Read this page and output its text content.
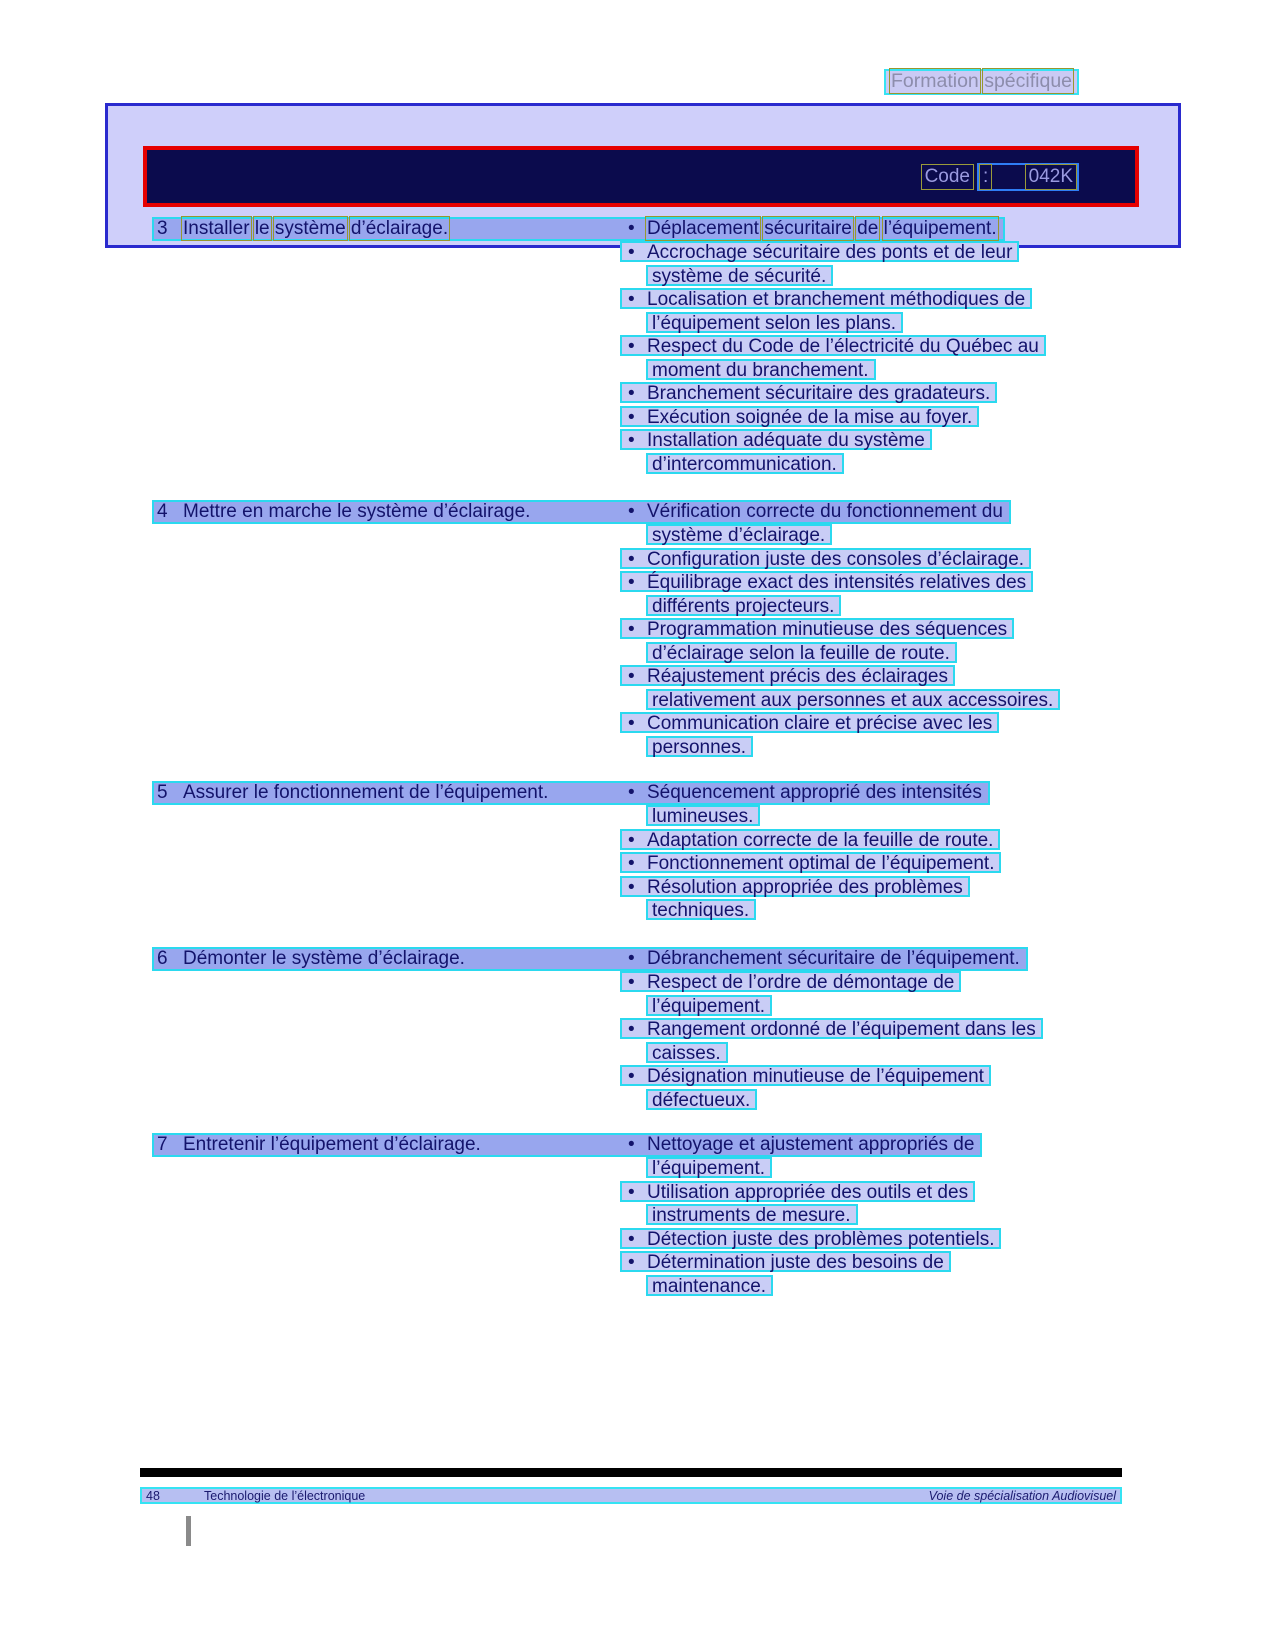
Formation spécifique
Code : 042K
3 Installer le système d’éclairage.	• Déplacement sécuritaire de l’équipement.
• Accrochage sécuritaire des ponts et de leur
système de sécurité.
• Localisation et branchement méthodiques de
l’équipement selon les plans.
• Respect du Code de l’électricité du Québec au
moment du branchement.
• Branchement sécuritaire des gradateurs.
• Exécution soignée de la mise au foyer.
• Installation adéquate du système
d’intercommunication.
4 Mettre en marche le système d’éclairage.	• Vérification correcte du fonctionnement du
système d’éclairage.
• Configuration juste des consoles d’éclairage.
• Équilibrage exact des intensités relatives des
différents projecteurs.
• Programmation minutieuse des séquences
d’éclairage selon la feuille de route.
• Réajustement précis des éclairages
relativement aux personnes et aux accessoires.
• Communication claire et précise avec les
personnes.
5 Assurer le fonctionnement de l’équipement.	• Séquencement approprié des intensités
lumineuses.
• Adaptation correcte de la feuille de route.
• Fonctionnement optimal de l’équipement.
• Résolution appropriée des problèmes
techniques.
6 Démonter le système d’éclairage.	• Débranchement sécuritaire de l’équipement.
• Respect de l’ordre de démontage de
l’équipement.
• Rangement ordonné de l’équipement dans les
caisses.
• Désignation minutieuse de l’équipement
défectueux.
7 Entretenir l’équipement d’éclairage.	• Nettoyage et ajustement appropriés de
l’équipement.
• Utilisation appropriée des outils et des
instruments de mesure.
• Détection juste des problèmes potentiels.
• Détermination juste des besoins de
maintenance.
48	Technologie de l’électronique	Voie de spécialisation Audiovisuel
